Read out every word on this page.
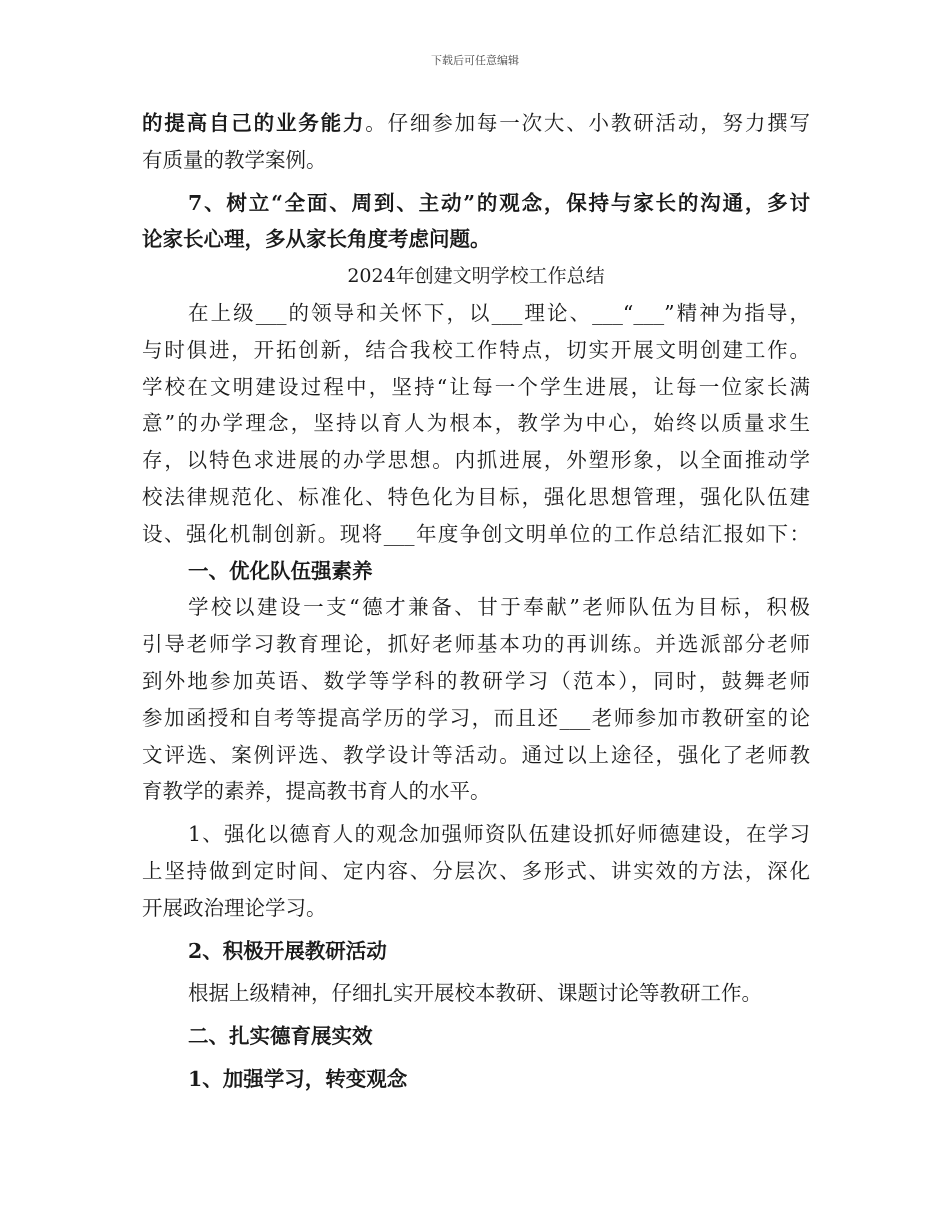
下载后可任意编辑
的提高自己的业务能力。仔细参加每一次大、小教研活动，努力撰写
有质量的教学案例。
7、树立“全面、周到、主动”的观念，保持与家长的沟通，多讨
论家长心理，多从家长角度考虑问题。
2024年创建文明学校工作总结
在上级___的领导和关怀下，以___理论、___“___”精神为指导，
与时俱进，开拓创新，结合我校工作特点，切实开展文明创建工作。
学校在文明建设过程中，坚持“让每一个学生进展，让每一位家长满
意”的办学理念，坚持以育人为根本，教学为中心，始终以质量求生
存，以特色求进展的办学思想。内抓进展，外塑形象，以全面推动学
校法律规范化、标准化、特色化为目标，强化思想管理，强化队伍建
设、强化机制创新。现将___年度争创文明单位的工作总结汇报如下：
一、优化队伍强素养
学校以建设一支“德才兼备、甘于奉献”老师队伍为目标，积极
引导老师学习教育理论，抓好老师基本功的再训练。并选派部分老师
到外地参加英语、数学等学科的教研学习（范本），同时，鼓舞老师
参加函授和自考等提高学历的学习，而且还___老师参加市教研室的论
文评选、案例评选、教学设计等活动。通过以上途径，强化了老师教
育教学的素养，提高教书育人的水平。
1、强化以德育人的观念加强师资队伍建设抓好师德建设，在学习
上坚持做到定时间、定内容、分层次、多形式、讲实效的方法，深化
开展政治理论学习。
2、积极开展教研活动
根据上级精神，仔细扎实开展校本教研、课题讨论等教研工作。
二、扎实德育展实效
1、加强学习，转变观念
